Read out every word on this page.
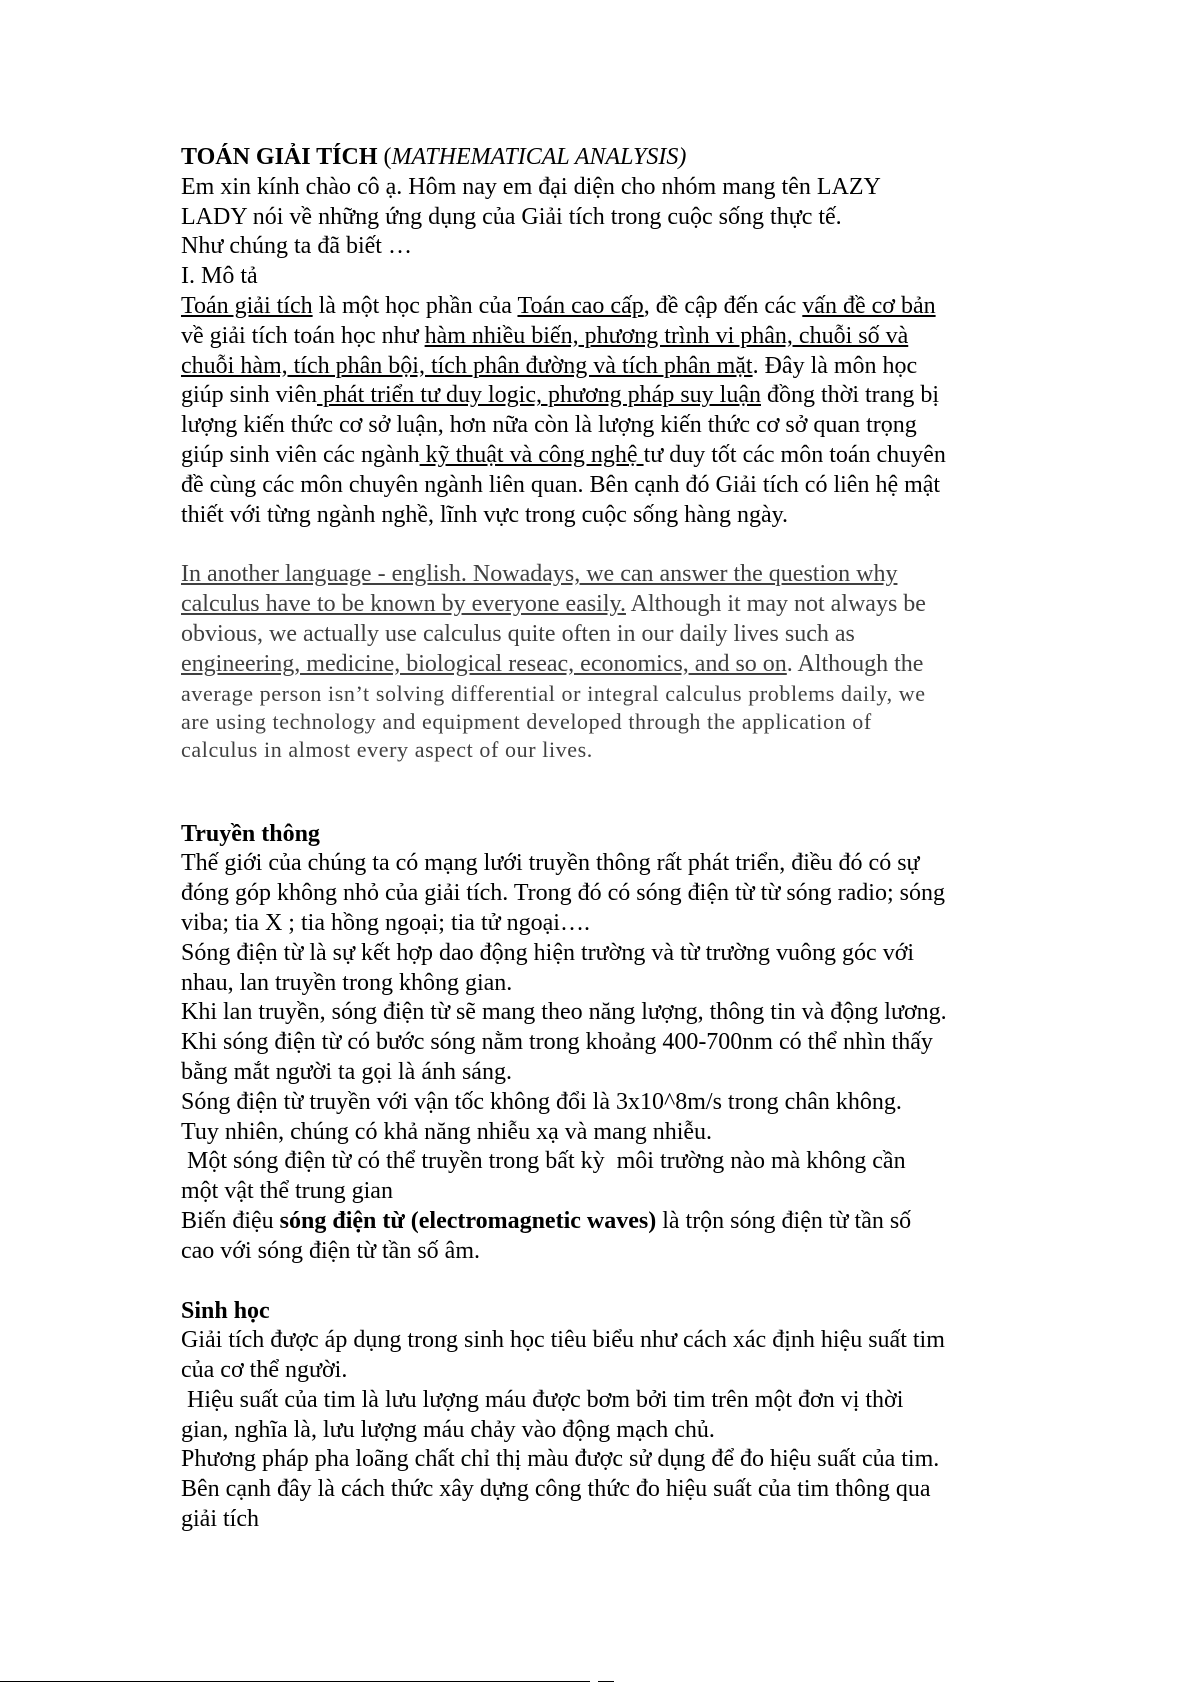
TOÁN GIẢI TÍCH (MATHEMATICAL ANALYSIS)

Em xin kính chào cô ạ. Hôm nay em đại diện cho nhóm mang tên LAZY

LADY nói về những ứng dụng của Giải tích trong cuộc sống thực tế.

Như chúng ta đã biết …

I. Mô tả

Toán giải tích là một học phần của Toán cao cấp, đề cập đến các vấn đề cơ bản

về giải tích toán học như hàm nhiều biến, phương trình vi phân, chuỗi số và

chuỗi hàm, tích phân bội, tích phân đường và tích phân mặt. Đây là môn học

giúp sinh viên phát triển tư duy logic, phương pháp suy luận đồng thời trang bị

lượng kiến thức cơ sở luận, hơn nữa còn là lượng kiến thức cơ sở quan trọng

giúp sinh viên các ngành kỹ thuật và công nghệ tư duy tốt các môn toán chuyên

đề cùng các môn chuyên ngành liên quan. Bên cạnh đó Giải tích có liên hệ mật

thiết với từng ngành nghề, lĩnh vực trong cuộc sống hàng ngày.

In another language - english. Nowadays, we can answer the question why

calculus have to be known by everyone easily. Although it may not always be

obvious, we actually use calculus quite often in our daily lives such as

engineering, medicine, biological reseac, economics, and so on. Although the

average person isn’t solving differential or integral calculus problems daily, we

are using technology and equipment developed through the application of

calculus in almost every aspect of our lives.

Truyền thông

Thế giới của chúng ta có mạng lưới truyền thông rất phát triển, điều đó có sự

đóng góp không nhỏ của giải tích. Trong đó có sóng điện từ từ sóng radio; sóng

viba; tia X ; tia hồng ngoại; tia tử ngoại….

Sóng điện từ là sự kết hợp dao động hiện trường và từ trường vuông góc với

nhau, lan truyền trong không gian.

Khi lan truyền, sóng điện từ sẽ mang theo năng lượng, thông tin và động lương.

Khi sóng điện từ có bước sóng nằm trong khoảng 400-700nm có thể nhìn thấy

bằng mắt người ta gọi là ánh sáng.

Sóng điện từ truyền với vận tốc không đổi là 3x10^8m/s trong chân không.

Tuy nhiên, chúng có khả năng nhiễu xạ và mang nhiễu.

Một sóng điện từ có thể truyền trong bất kỳ  môi trường nào mà không cần

một vật thể trung gian

Biến điệu sóng điện từ (electromagnetic waves) là trộn sóng điện từ tần số

cao với sóng điện từ tần số âm.

Sinh học

Giải tích được áp dụng trong sinh học tiêu biểu như cách xác định hiệu suất tim

của cơ thể người.

Hiệu suất của tim là lưu lượng máu được bơm bởi tim trên một đơn vị thời

gian, nghĩa là, lưu lượng máu chảy vào động mạch chủ.

Phương pháp pha loãng chất chỉ thị màu được sử dụng để đo hiệu suất của tim.

Bên cạnh đây là cách thức xây dựng công thức đo hiệu suất của tim thông qua

giải tích
